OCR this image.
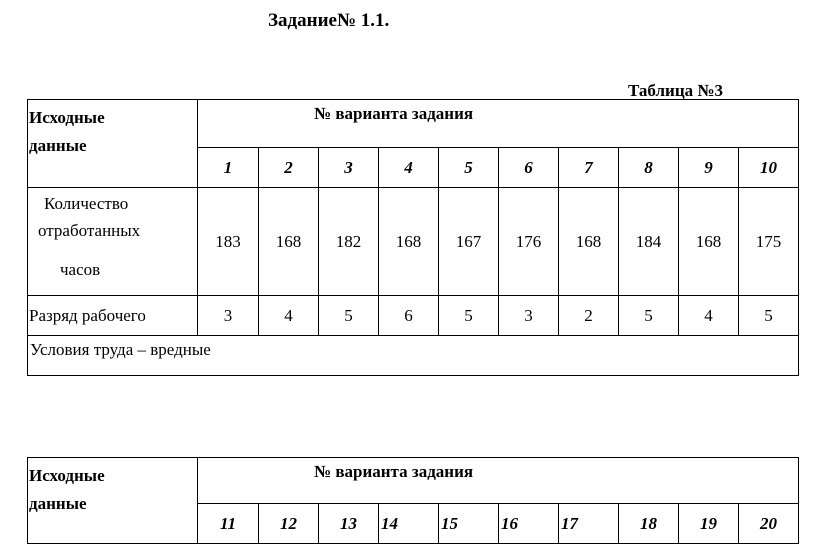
Задание№ 1.1.
Таблица №3
Исходные
данные	№ варианта задания									
	1	2	3	4	5	6	7	8	9	10

Количество
отработанных
часов	183	168	182	168	167	176	168	184	168	175
Разряд рабочего	3	4	5	6	5	3	2	5	4	5
Условия труда – вредные										
Исходные
данные	№ варианта задания									
	11	12	13	14	15	16	17	18	19	20
